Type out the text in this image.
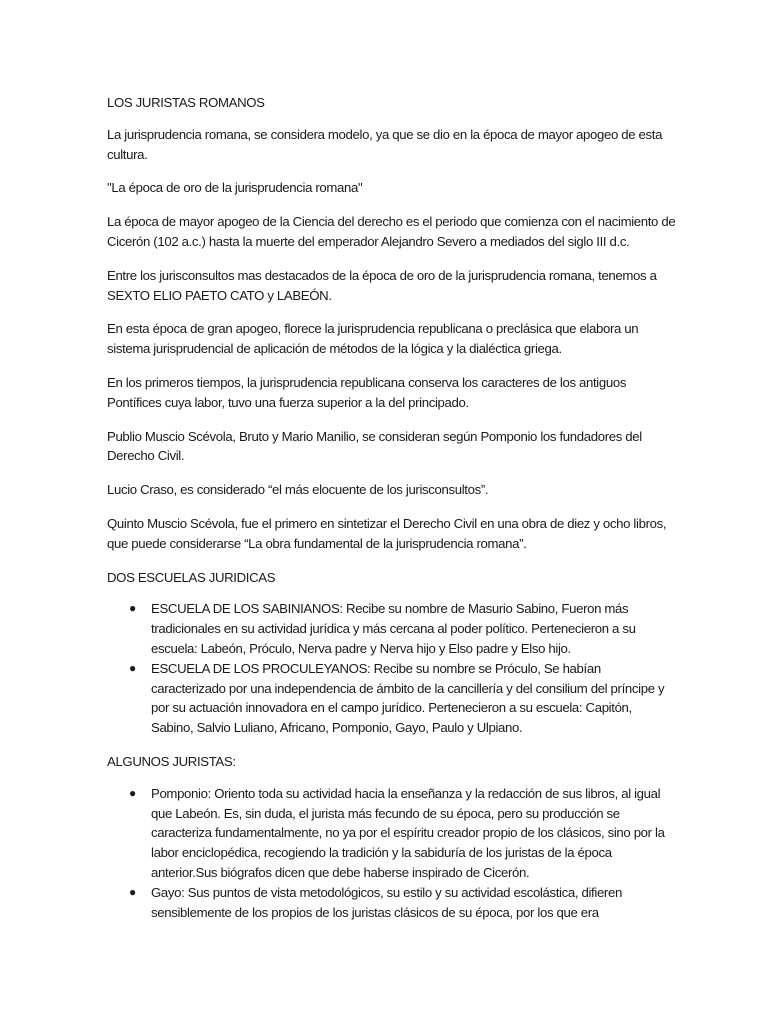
LOS JURISTAS ROMANOS

La jurisprudencia romana, se considera modelo, ya que se dio en la época de mayor apogeo de esta cultura.

"La época de oro de la jurisprudencia romana"

La época de mayor apogeo de la Ciencia del derecho es el periodo que comienza con el nacimiento de Cicerón (102 a.c.) hasta la muerte del emperador Alejandro Severo a mediados del siglo III d.c.

Entre los jurisconsultos mas destacados de la época de oro de la jurisprudencia romana, tenemos a SEXTO ELIO PAETO CATO y LABEÓN.

En esta época de gran apogeo, florece la jurisprudencia republicana o preclásica que elabora un sistema jurisprudencial de aplicación de métodos de la lógica y la dialéctica griega.

En los primeros tiempos, la jurisprudencia republicana conserva los caracteres de los antiguos Pontífices cuya labor, tuvo una fuerza superior a la del principado.

Publio Muscio Scévola, Bruto y Mario Manilio, se consideran según Pomponio los fundadores del Derecho Civil.

Lucio Craso, es considerado “el más elocuente de los jurisconsultos”.

Quinto Muscio Scévola, fue el primero en sintetizar el Derecho Civil en una obra de diez y ocho libros, que puede considerarse “La obra fundamental de la jurisprudencia romana”.

DOS ESCUELAS JURIDICAS

● ESCUELA DE LOS SABINIANOS: Recibe su nombre de Masurio Sabino, Fueron más tradicionales en su actividad jurídica y más cercana al poder político. Pertenecieron a su escuela: Labeón, Próculo, Nerva padre y Nerva hijo y Elso padre y Elso hijo.
● ESCUELA DE LOS PROCULEYANOS: Recibe su nombre se Próculo, Se habían caracterizado por una independencia de ámbito de la cancillería y del consilium del príncipe y por su actuación innovadora en el campo jurídico. Pertenecieron a su escuela: Capitón, Sabino, Salvio Luliano, Africano, Pomponio, Gayo, Paulo y Ulpiano.

ALGUNOS JURISTAS:

● Pomponio: Oriento toda su actividad hacia la enseñanza y la redacción de sus libros, al igual que Labeón. Es, sin duda, el jurista más fecundo de su época, pero su producción se caracteriza fundamentalmente, no ya por el espíritu creador propio de los clásicos, sino por la labor enciclopédica, recogiendo la tradición y la sabiduría de los juristas de la época anterior.Sus biógrafos dicen que debe haberse inspirado de Cicerón.
● Gayo: Sus puntos de vista metodológicos, su estilo y su actividad escolástica, difieren sensiblemente de los propios de los juristas clásicos de su época, por los que era
